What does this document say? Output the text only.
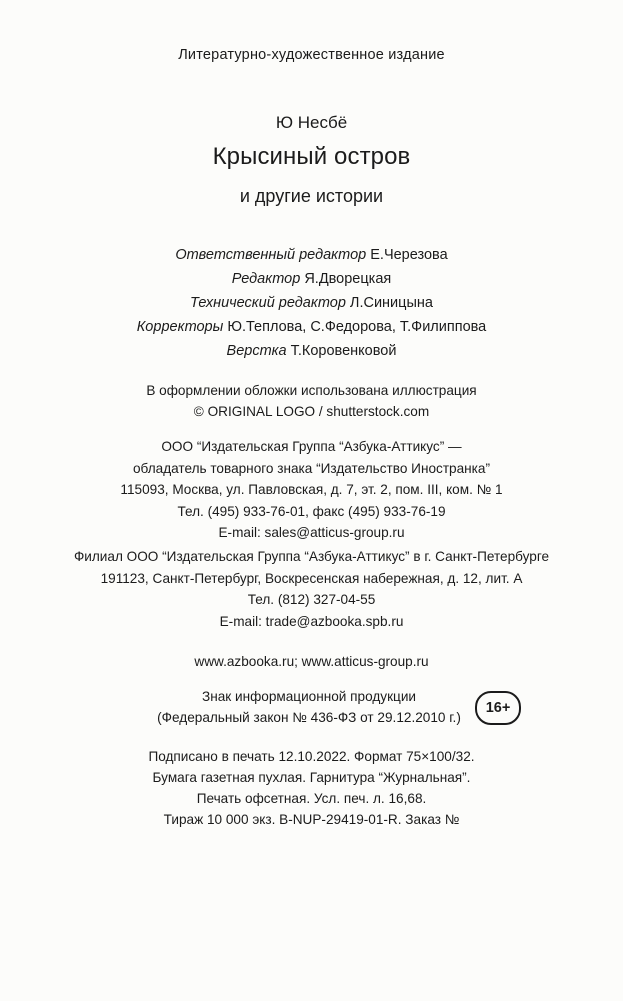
Литературно-художественное издание
Ю Несбё
Крысиный остров
и другие истории
Ответственный редактор Е.Черезова
Редактор Я.Дворецкая
Технический редактор Л.Синицына
Корректоры Ю.Теплова, С.Федорова, Т.Филиппова
Верстка Т.Коровенковой
В оформлении обложки использована иллюстрация
© ORIGINAL LOGO / shutterstock.com
ООО “Издательская Группа “Азбука-Аттикус” —
обладатель товарного знака “Издательство Иностранка”
115093, Москва, ул. Павловская, д. 7, эт. 2, пом. III, ком. № 1
Тел. (495) 933-76-01, факс (495) 933-76-19
E-mail: sales@atticus-group.ru
Филиал ООО “Издательская Группа “Азбука-Аттикус” в г. Санкт-Петербурге
191123, Санкт-Петербург, Воскресенская набережная, д. 12, лит. А
Тел. (812) 327-04-55
E-mail: trade@azbooka.spb.ru
www.azbooka.ru; www.atticus-group.ru
Знак информационной продукции
(Федеральный закон № 436-ФЗ от 29.12.2010 г.)
16+
Подписано в печать 12.10.2022. Формат 75×100/32.
Бумага газетная пухлая. Гарнитура “Журнальная”.
Печать офсетная. Усл. печ. л. 16,68.
Тираж 10 000 экз. B-NUP-29419-01-R. Заказ №
